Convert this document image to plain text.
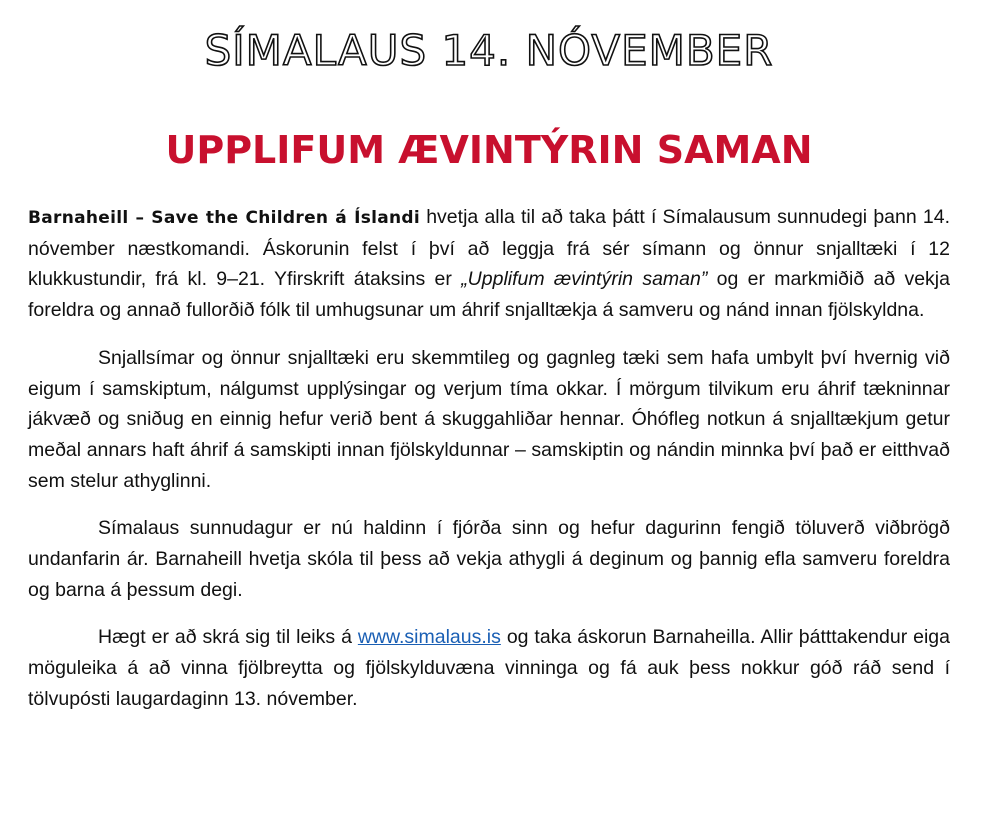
SÍMALAUS 14. NÓVEMBER
UPPLIFUM ÆVINTÝRIN SAMAN

Barnaheill – Save the Children á Íslandi hvetja alla til að taka þátt í Símalausum sunnudegi þann 14. nóvember næstkomandi. Áskorunin felst í því að leggja frá sér símann og önnur snjalltæki í 12 klukkustundir, frá kl. 9–21. Yfirskrift átaksins er „Upplifum ævintýrin saman” og er markmiðið að vekja foreldra og annað fullorðið fólk til umhugsunar um áhrif snjalltækja á samveru og nánd innan fjölskyldna.

Snjallsímar og önnur snjalltæki eru skemmtileg og gagnleg tæki sem hafa umbylt því hvernig við eigum í samskiptum, nálgumst upplýsingar og verjum tíma okkar. Í mörgum tilvikum eru áhrif tækninnar jákvæð og sniðug en einnig hefur verið bent á skuggahliðar hennar. Óhófleg notkun á snjalltækjum getur meðal annars haft áhrif á samskipti innan fjölskyldunnar – samskiptin og nándin minnka því það er eitthvað sem stelur athyglinni.

Símalaus sunnudagur er nú haldinn í fjórða sinn og hefur dagurinn fengið töluverð viðbrögð undanfarin ár. Barnaheill hvetja skóla til þess að vekja athygli á deginum og þannig efla samveru foreldra og barna á þessum degi.

Hægt er að skrá sig til leiks á www.simalaus.is og taka áskorun Barnaheilla. Allir þátttakendur eiga möguleika á að vinna fjölbreytta og fjölskylduvæna vinninga og fá auk þess nokkur góð ráð send í tölvupósti laugardaginn 13. nóvember.
